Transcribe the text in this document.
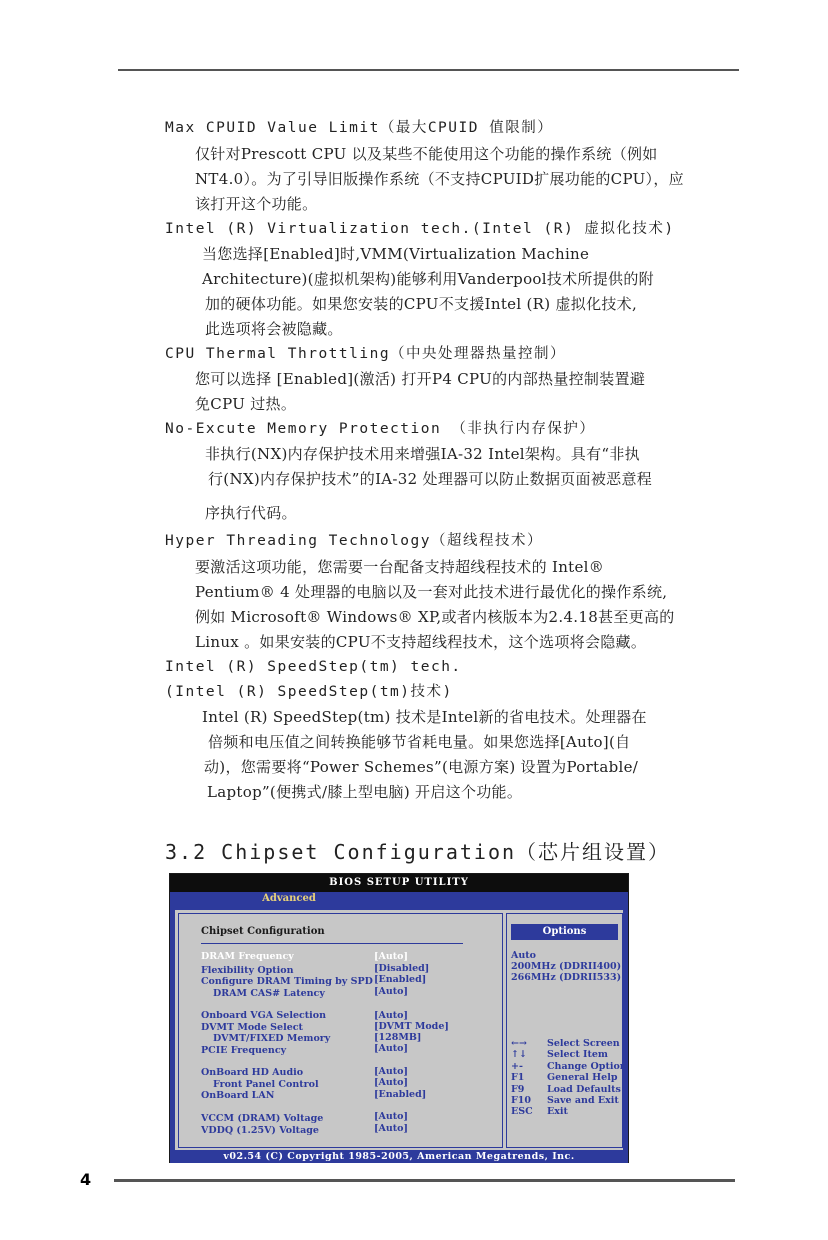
Max CPUID Value Limit（最大CPUID 值限制）
仅针对Prescott CPU 以及某些不能使用这个功能的操作系统（例如
NT4.0）。为了引导旧版操作系统（不支持CPUID扩展功能的CPU），应
该打开这个功能。
Intel (R) Virtualization tech.(Intel (R) 虚拟化技术)
当您选择[Enabled]时,VMM(Virtualization Machine
Architecture)(虚拟机架构)能够利用Vanderpool技术所提供的附
加的硬体功能。如果您安装的CPU不支援Intel (R) 虚拟化技术,
此选项将会被隐藏。
CPU Thermal Throttling（中央处理器热量控制）
您可以选择 [Enabled](激活) 打开P4 CPU的内部热量控制装置避
免CPU 过热。
No-Excute Memory Protection （非执行内存保护）
非执行(NX)内存保护技术用来增强IA-32 Intel架构。具有“非执
行(NX)内存保护技术”的IA-32 处理器可以防止数据页面被恶意程
序执行代码。
Hyper Threading Technology（超线程技术）
要激活这项功能，您需要一台配备支持超线程技术的 Intel®
Pentium® 4 处理器的电脑以及一套对此技术进行最优化的操作系统,
例如 Microsoft® Windows® XP,或者内核版本为2.4.18甚至更高的
Linux 。如果安装的CPU不支持超线程技术，这个选项将会隐藏。
Intel (R) SpeedStep(tm) tech.
(Intel (R) SpeedStep(tm)技术)
Intel (R) SpeedStep(tm) 技术是Intel新的省电技术。处理器在
倍频和电压值之间转换能够节省耗电量。如果您选择[Auto](自
动)，您需要将“Power Schemes”(电源方案) 设置为Portable/
Laptop”(便携式/膝上型电脑) 开启这个功能。
3.2 Chipset Configuration（芯片组设置）
BIOS SETUP UTILITY
Advanced
Chipset Configuration
DRAM Frequency	[Auto]
Flexibility Option	[Disabled]
Configure DRAM Timing by SPD [Enabled]
DRAM CAS# Latency	[Auto]
Onboard VGA Selection	[Auto]
DVMT Mode Select	[DVMT Mode]
DVMT/FIXED Memory	[128MB]
PCIE Frequency	[Auto]
OnBoard HD Audio	[Auto]
Front Panel Control	[Auto]
OnBoard LAN	[Enabled]
VCCM (DRAM) Voltage	[Auto]
VDDQ (1.25V) Voltage	[Auto]
Options
Auto
200MHz (DDRII400)
266MHz (DDRII533)
←→ Select Screen
↑↓ Select Item
+-	Change Option
F1 General Help
F9 Load Defaults
F10 Save and Exit
ESC Exit
v02.54 (C) Copyright 1985-2005, American Megatrends, Inc.
4
